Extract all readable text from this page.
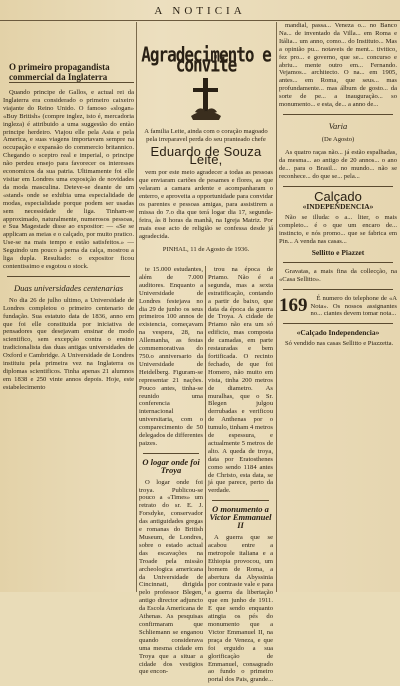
A NOTICIA
O primeiro propagandista commercial da Inglaterra

Quando principe de Gallos, e actual rei da Inglaterra era considerado o primeiro caixeiro viajante do Reino Unido. O famoso «slogan» «Buy British» (compre inglez, isto é, mercadoria ingleza) é attribuido a uma suggestão do entào principe herdeiro. Viajou elle pela Asia e pela America, e suas viagens importavam sempre na occupação e expansão do commercio britannico. Chegando o sceptro real e imperial, o principe não perdeu ensejo para favorecer os interesses economicos da sua patria. Ultimamente foi elle visitar em Londres uma exposição de novidades da moda masculina. Deteve-se deante de um «stand» onde se exhibia uma especialidade de modas, especialidade porque podem ser usadas sem necessidade de liga. Tinham-se approximado, naturalmente, numerosos pessoas, e Sua Magestade disse ao expositor: — «Se se applicam as meias e o calçado, por muito pratico. Use-se na mais tempo e estão satisfeitos.» — Seguindo um pouco à perna da calça, mostrou a liga dupla. Resultado: o expositor ficou contentissimo e esgotou o stock.

Duas universidades centenarias

No dia 26 de julho ultimo, a Universidade de Londres completou o primeiro centenario de fundação. Sua estatuto data de 1836, anno em que foi elle constituida por iniciativa de pensadores que desejavam ensinar de modo scientifico, sem excepção contra o ensino tradicionalista das duas antigas universidades de Oxford e Cambridge. A Universidade de Londres instituiu pela primeira vez na Inglaterra os diplomas scientificos. Tinha apenas 21 alumnos em 1838 e 250 vinte annos depois. Hoje, este estabelecimento

Agradecimento e convite

A familia Leite, ainda com o coração magoado pela irreparavel perda do seu pranteado chefe

Eduardo de Souza Leite,

vem por este meio agradecer a todas as pessoas que enviaram cartões de pesames e flores, as que velaram a camara ardente e acompanharam o enterro, e aproveita a opportunidade para convidar os parentes e pessoas amigas, para assistirem a missa do 7.o dia que terá logar dia 17, segunda-feira, às 8 horas da manhã, na Igreja Matriz. Por mais esse acto de religião se confessa desde já agradecida.

PINHAL, 11 de Agosto de 1936.

te 15.000 estudantes, além de 7.000 auditores. Enquanto a Universidade de Londres festejava no dia 29 de junho os seus primeiros 100 annos de existencia, começavam na vespera, 28, na Allemanha, as festas commemorativas do 750.o anniversario da Universidade de Heidelberg. Figuram-se representar 21 nações. Pouco antes, tinha-se reunido uma conferencia internacional universitaria, com o comparecimento de 50 delegados de differentes paizes.

O logar onde foi Troya

O logar onde foi troya. Publicou-se pouco a «Times» um retrato do sr. E. J. Forsdyke, conservador das antiguidades gregas e romanas do British Museum, de Londres, sobre o estado actual das escavações na Troade pela missão archeologica americana da Universidade de Cincinnati, dirigida pelo professor Blegen, antigo director adjuncto da Escola Americana de Athenas. As pesquisas confirmaram que Schliemann se enganou quando considerava uma mesma cidade em Troya que a situar a cidade dos vestigios que encon-

trou na época de Priamo. Não é a segunda, mas a sexta estratificação, contando a partir de baixo, que data da época da guerra de Troya. A cidade de Priamo não era um só edificio, mas composta de camadas, em parte restauradas e bem fortificada. O recinto fechado, de que foi Homero, não muito em vista, tinha 200 metros de diametro. As muralhas, que o Sr. Blegen julgou derrubadas e verificou de Anthenas por o tumulo, tinham 4 metros de espessura, e actualmente 5 metros de alto. A queda de troya, data por Eratosthenes como sendo 1184 antes de Christo, esta data, se já que parece, perto da verdade.

O monumento a Victor Emmanuel II

A guerra que se acabou entre a metropole italiana e a Ethiopia provocou, um homem de Roma, a abertura da Abyssinia por contraste vale e para a guerra da libertação que em junho de 1911. E que sendo enquanto atingia os pés do monumento que a Victor Emmanuel II, na praça de Veneza, e que foi erguido a sua glorificação de Emmanuel, consagrado ao fundo o primeiro portal dos Pais, grande...

mandial, passa... Veneza o... no Banco Na... de inventado da Villa... em Roma e Itália... um anno, como... do Instituto... Mas a opinião pu... notaveis de ment... tivitico, fez pro... e governo, que se... concurso e abriu... mente outro em... Fernando. Vejamos... architecto. O na... em 1905, antes... em Roma, que seus... mas profundamente... mas álbum de gosto... da sorte de pe... a inauguração... so monumento... e esta, de... a anno de...

Varia
(De Agosto)

As quatro raças não... já estão espalhadas, da mesma... ao antigo de 20 annos... o ano de... para o Brasil... no mundo... não se reconhece... do que se... pela...

Calçado
«INDEPENDENCIA»

Não se illuda: o a... liter, o mais completo... é o que um encaro de... instincto, e nós promo... que se fabrica em Pin... A venda nas casas...

Sellitto e Piazzet

Gravatas, a mais fina da collecção, na «Casa Sellitto».

169	É numero do telephone de «A Nota». Os nossos assignantes no... ciantes devem tomar nota...

«Calçado Independencia»

Só vendido nas casas Sellitto e Piazzetta.
